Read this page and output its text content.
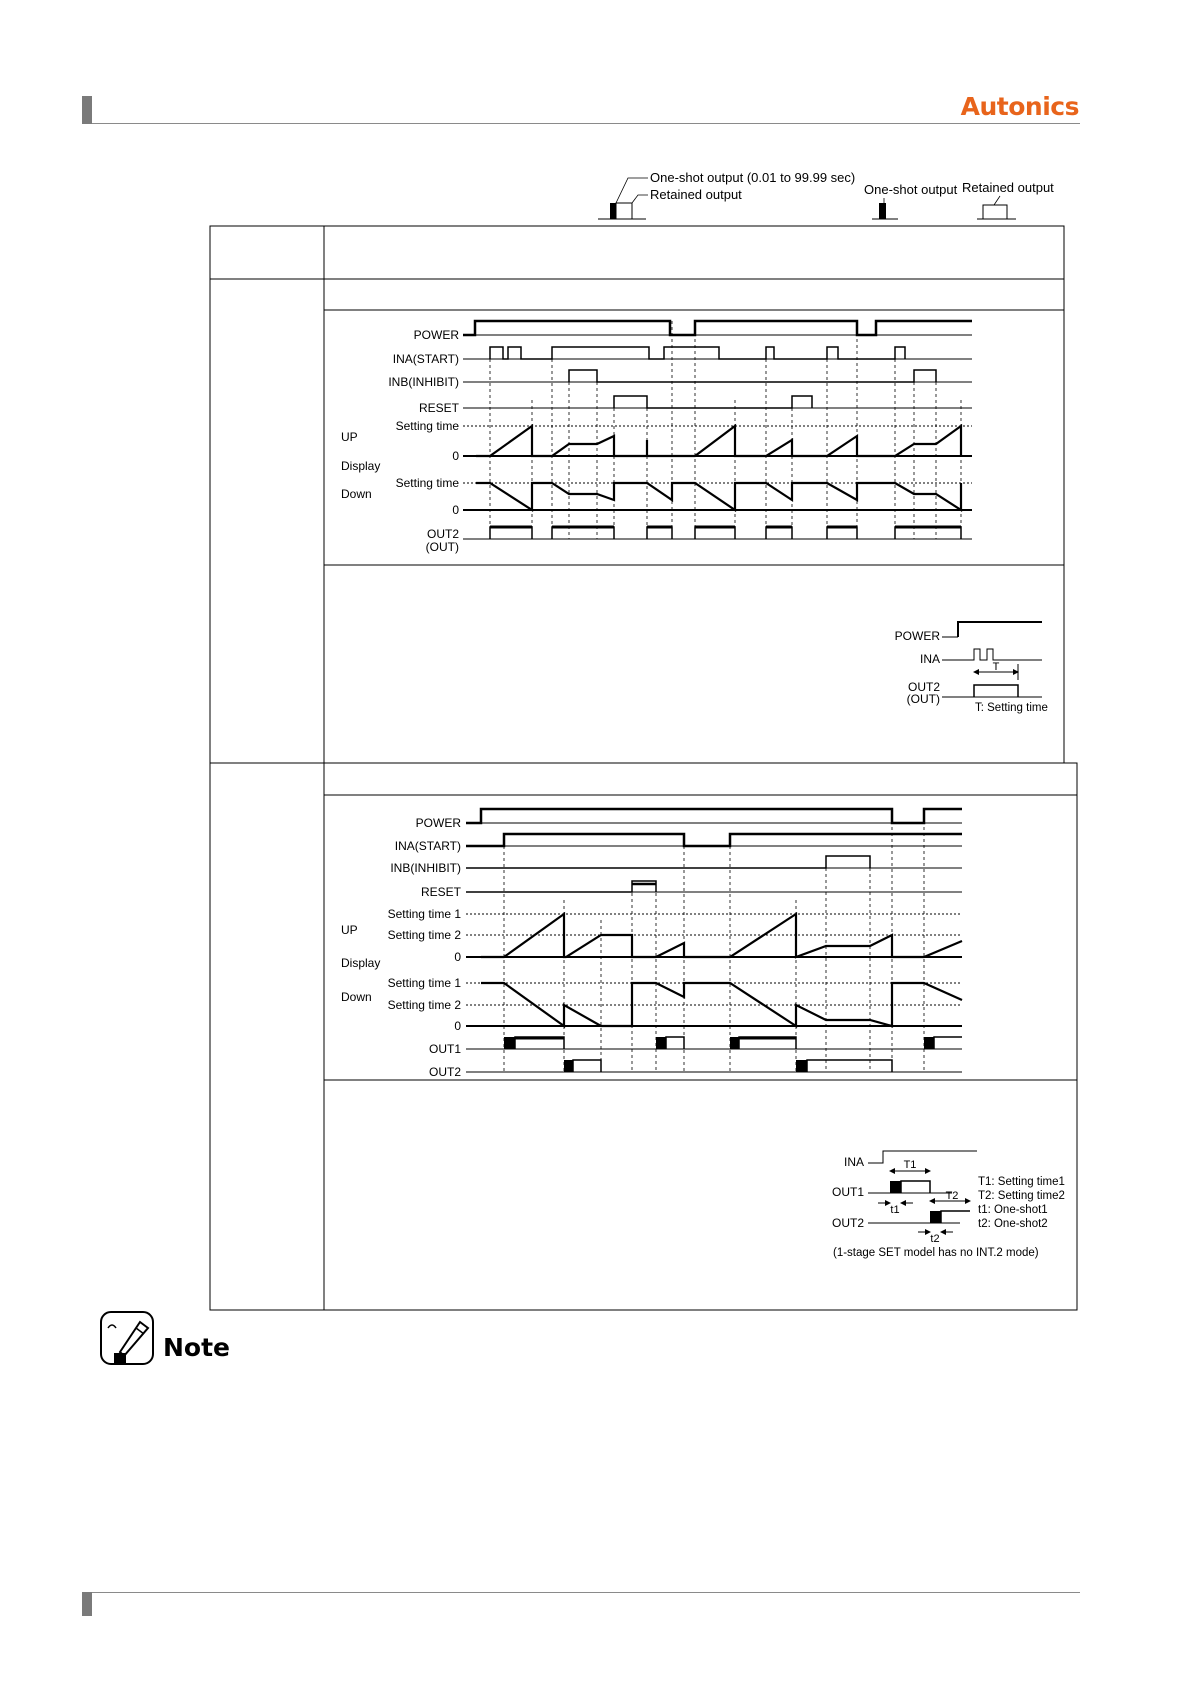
Autonics
One-shot output (0.01 to 99.99 sec)
Retained output	One-shot output Retained output
POWER
INA(START)
INB(INHIBIT)
RESET
Setting time
0
Setting time
0
OUT2
(OUT)
UP
Display
Down
POWER
INA
OUT2
(OUT)
T
T: Setting time
POWER
INA(START)
INB(INHIBIT)
RESET
Setting time 1
Setting time 2
0
Setting time 1
Setting time 2
0
OUT1
OUT2
UP
Display
Down
INA
OUT1
OUT2
T1
t1
T2
t2
T1: Setting time1
T2: Setting time2
t1: One-shot1
t2: One-shot2
(1-stage SET model has no INT.2 mode)
Note
